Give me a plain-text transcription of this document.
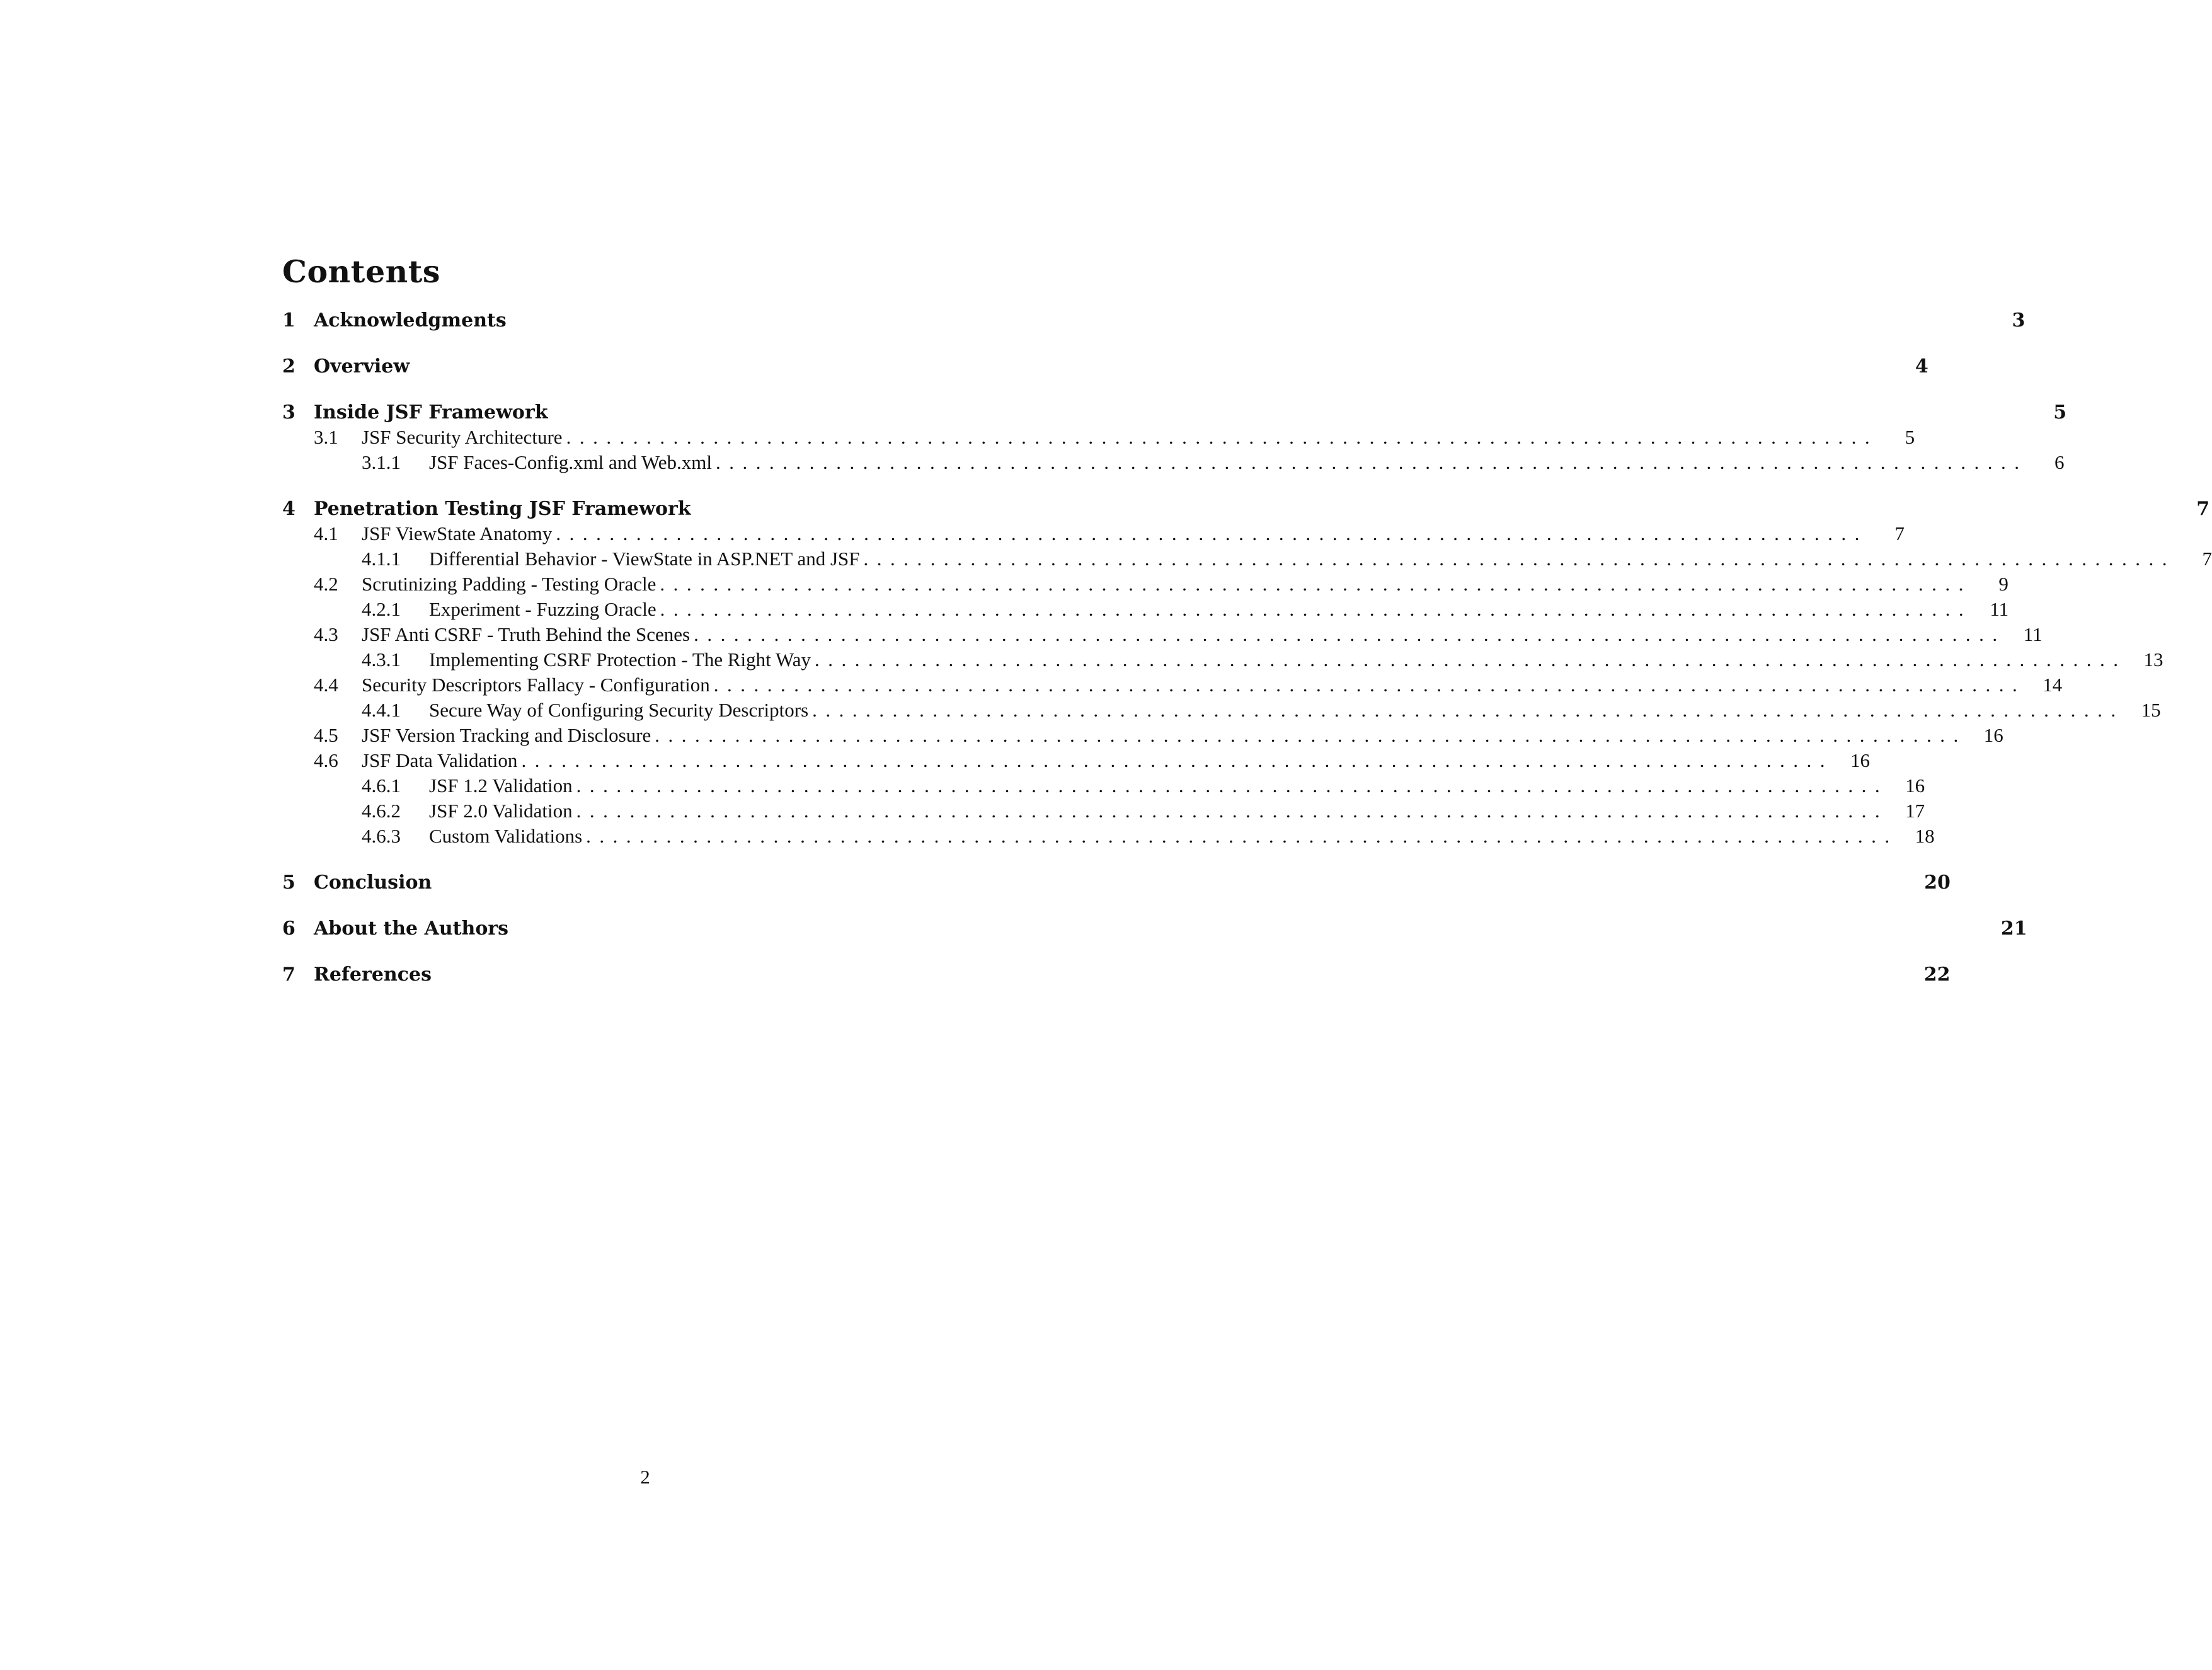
Contents
1 Acknowledgments	3
2 Overview	4
3 Inside JSF Framework	5
3.1	JSF Security Architecture ..................................................................................................	5
3.1.1	JSF Faces-Config.xml and Web.xml ..................................................................................................	6
4 Penetration Testing JSF Framework	7
4.1	JSF ViewState Anatomy ..................................................................................................	7
4.1.1	Differential Behavior - ViewState in ASP.NET and JSF ..................................................................................................	7
4.2	Scrutinizing Padding - Testing Oracle ..................................................................................................	9
4.2.1	Experiment - Fuzzing Oracle .................................................................................................. 11
4.3	JSF Anti CSRF - Truth Behind the Scenes .................................................................................................. 11
4.3.1	Implementing CSRF Protection - The Right Way .................................................................................................. 13
4.4	Security Descriptors Fallacy - Configuration .................................................................................................. 14
4.4.1	Secure Way of Configuring Security Descriptors .................................................................................................. 15
4.5	JSF Version Tracking and Disclosure .................................................................................................. 16
4.6	JSF Data Validation .................................................................................................. 16
4.6.1	JSF 1.2 Validation .................................................................................................. 16
4.6.2	JSF 2.0 Validation .................................................................................................. 17
4.6.3	Custom Validations .................................................................................................. 18
5 Conclusion	20
6 About the Authors	21
7 References	22
2
